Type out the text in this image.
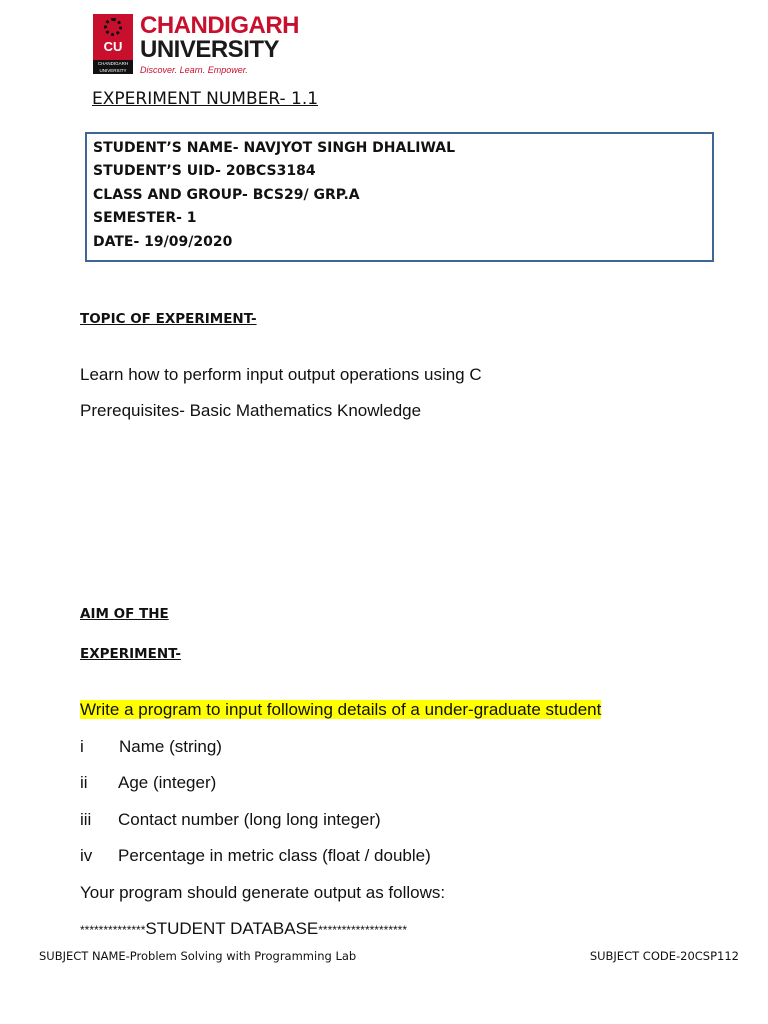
CU
CHANDIGARH UNIVERSITY
CHANDIGARH
UNIVERSITY
Discover. Learn. Empower.
EXPERIMENT NUMBER- 1.1
STUDENT’S NAME- NAVJYOT SINGH DHALIWAL
STUDENT’S UID- 20BCS3184
CLASS AND GROUP- BCS29/ GRP.A
SEMESTER- 1
DATE- 19/09/2020
TOPIC OF EXPERIMENT-
Learn how to perform input output operations using C
Prerequisites- Basic Mathematics Knowledge
AIM OF THE
EXPERIMENT-
Write a program to input following details of a under-graduate student
i Name (string)
ii Age (integer)
iii Contact number (long long integer)
iv Percentage in metric class (float / double)
Your program should generate output as follows:
**************STUDENT DATABASE*******************
SUBJECT NAME-Problem Solving with Programming Lab	SUBJECT CODE-20CSP112
